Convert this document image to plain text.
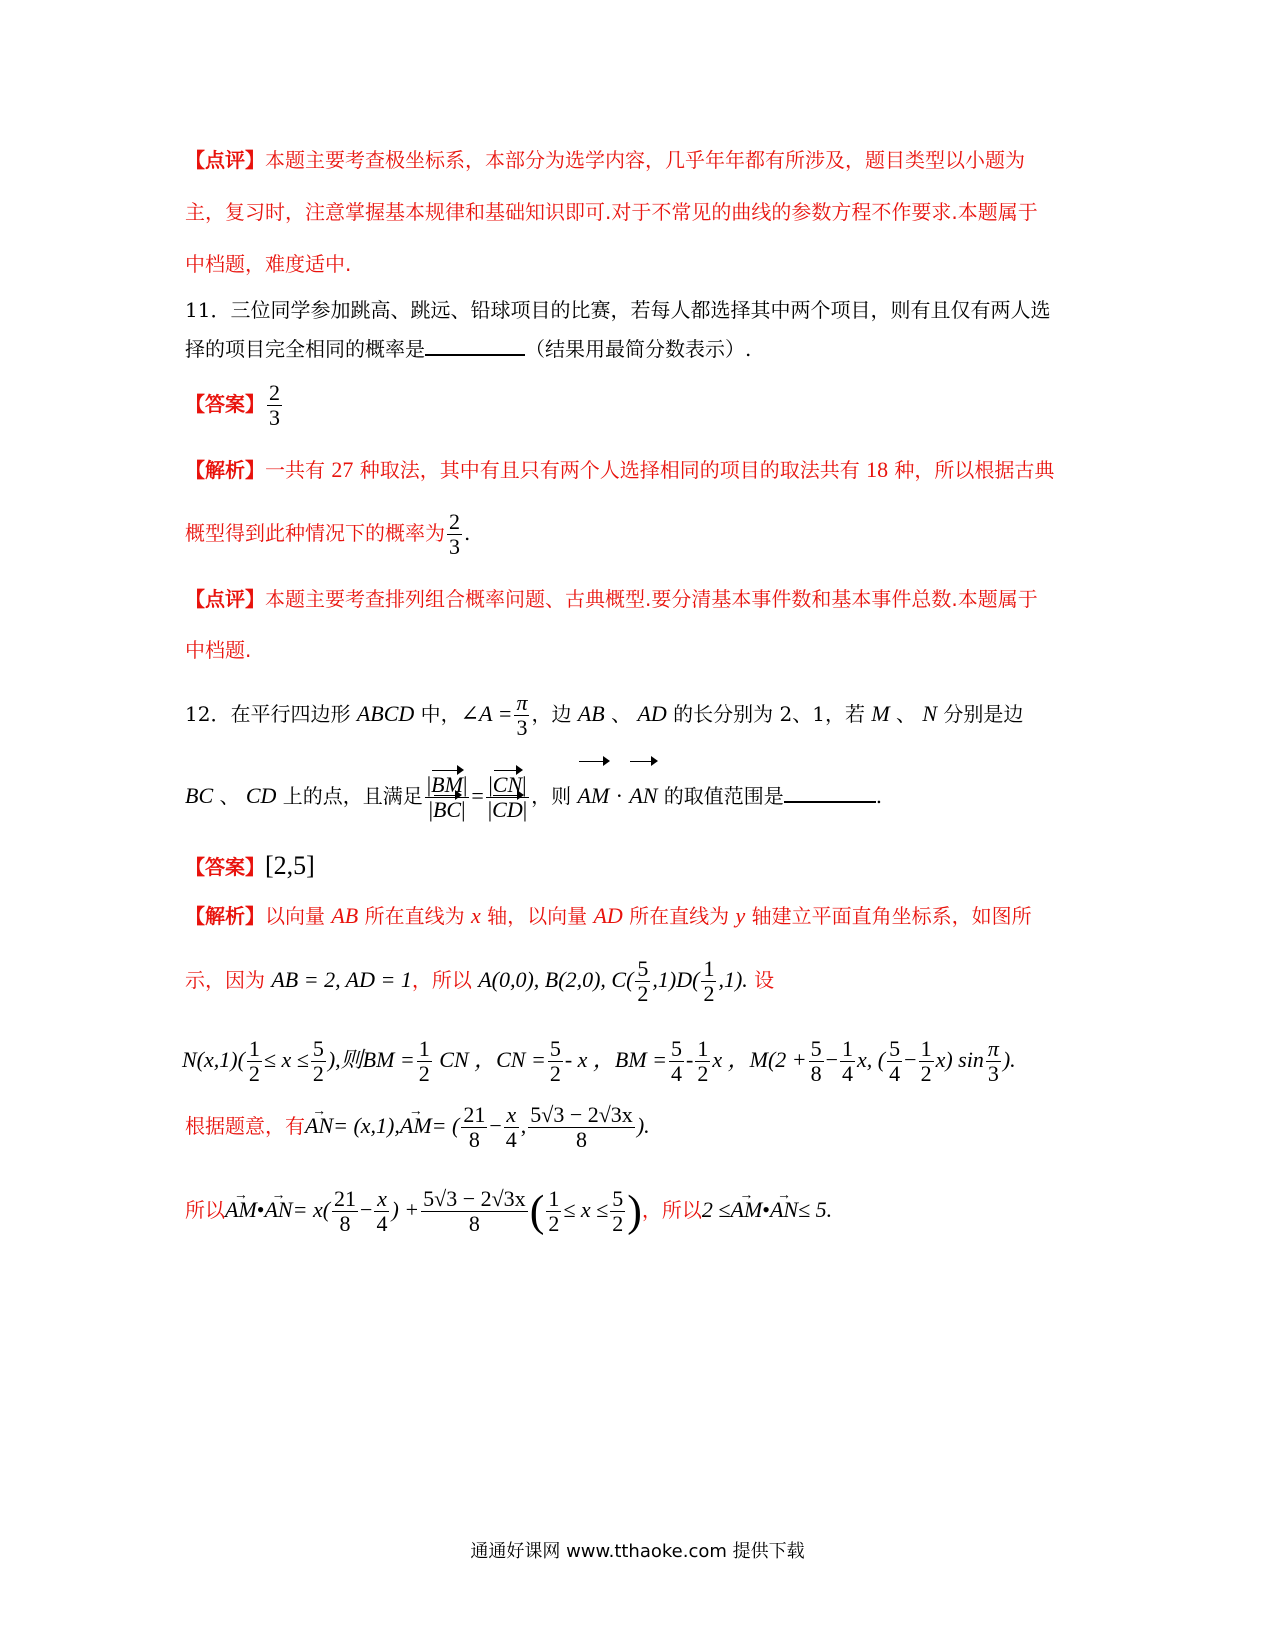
【点评】本题主要考查极坐标系，本部分为选学内容，几乎年年都有所涉及，题目类型以小题为
主，复习时，注意掌握基本规律和基础知识即可.对于不常见的曲线的参数方程不作要求.本题属于
中档题，难度适中.
11．三位同学参加跳高、跳远、铅球项目的比赛，若每人都选择其中两个项目，则有且仅有两人选
择的项目完全相同的概率是	（结果用最简分数表示）.
【答案】 $\frac{2}{3}$
【解析】一共有 27 种取法，其中有且只有两个人选择相同的项目的取法共有 18 种，所以根据古典
概型得到此种情况下的概率为 $\frac{2}{3}$ .
【点评】本题主要考查排列组合概率问题、古典概型.要分清基本事件数和基本事件总数.本题属于
中档题.
12．在平行四边形 ABCD 中，∠A = $\frac{\pi}{3}$ ，边 AB 、 AD 的长分别为 2、1，若 M 、 N 分别是边
BC 、 CD 上的点，且满足 $\frac{|BM|}{|BC|} = \frac{|CN|}{|CD|}$ ，则 AM · AN 的取值范围是	.
【答案】[2,5]
【解析】以向量 AB 所在直线为 x 轴，以向量 AD 所在直线为 y 轴建立平面直角坐标系，如图所
示，因为 AB = 2, AD = 1，所以 A(0,0), B(2,0), $C( \frac{5}{2} ,1)D( \frac{1}{2} ,1)$. 设
$N(x,1)( \frac{1}{2} \le x \le \frac{5}{2}$ ),则BM = $\frac{1}{2}$ CN ，CN = $\frac{5}{2}$ - x ，BM = $\frac{5}{4} - \frac{1}{2}$ x ，$M(2 + \frac{5}{8} - \frac{1}{4} x$, ( $\frac{5}{4} - \frac{1}{2} x$) $\sin \frac{\pi}{3}$ ).
根据题意，有→ AN= (x,1),→ AM= ( $\frac{21}{8} - \frac{x}{4}$ , $\frac{5√3 - 2√3x}{8}$ ).
所以→ AM•→ $AN= x( \frac{21}{8} - \frac{x}{4}$ ) + $\frac{5√3 - 2√3x}{8}$ ( $\frac{1}{2} \le x \le \frac{5}{2}$ )，所以2 ≤→ AM•→ AN≤ 5.
通通好课网 www.tthaoke.com 提供下载
